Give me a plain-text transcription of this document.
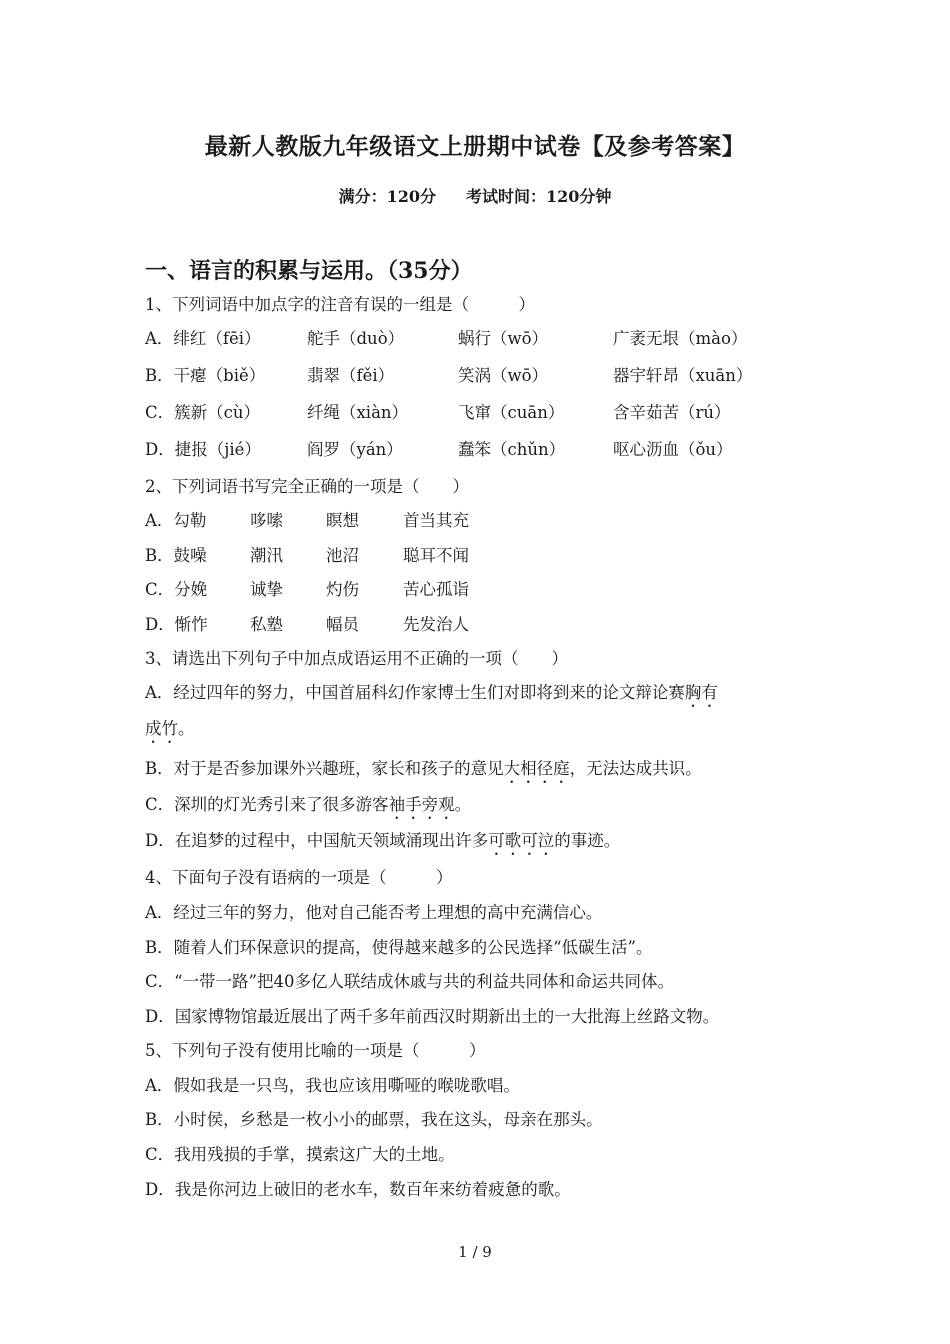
最新人教版九年级语文上册期中试卷【及参考答案】
满分：120分 考试时间：120分钟
一、语言的积累与运用。（35分）
1、下列词语中加点字的注音有误的一组是（　　　）
A．绯红（fēi）	舵手（duò）	蜗行（wō）	广袤无垠（mào）
B．干瘪（biě）	翡翠（fěi）	笑涡（wō）	器宇轩昂（xuān）
C．簇新（cù）	纤绳（xiàn）	飞窜（cuān）	含辛茹苦（rú）
D．捷报（jié）	阎罗（yán）	蠢笨（chǔn）	呕心沥血（ǒu）
2、下列词语书写完全正确的一项是（　　）
A．勾勒	哆嗦	瞑想	首当其充
B．鼓噪	潮汛	池沼	聪耳不闻
C．分娩	诚挚	灼伤	苦心孤诣
D．惭怍	私塾	幅员	先发治人
3、请选出下列句子中加点成语运用不正确的一项（　　）
A．经过四年的努力，中国首届科幻作家博士生们对即将到来的论文辩论赛胸有
成竹。
B．对于是否参加课外兴趣班，家长和孩子的意见大相径庭，无法达成共识。
C．深圳的灯光秀引来了很多游客袖手旁观。
D．在追梦的过程中，中国航天领域涌现出许多可歌可泣的事迹。
4、下面句子没有语病的一项是（　　　）
A．经过三年的努力，他对自己能否考上理想的高中充满信心。
B．随着人们环保意识的提高，使得越来越多的公民选择“低碳生活”。
C．“一带一路”把40多亿人联结成休戚与共的利益共同体和命运共同体。
D．国家博物馆最近展出了两千多年前西汉时期新出土的一大批海上丝路文物。
5、下列句子没有使用比喻的一项是（　　　）
A．假如我是一只鸟，我也应该用嘶哑的喉咙歌唱。
B．小时侯，乡愁是一枚小小的邮票，我在这头，母亲在那头。
C．我用残损的手掌，摸索这广大的土地。
D．我是你河边上破旧的老水车，数百年来纺着疲惫的歌。
1 / 9
